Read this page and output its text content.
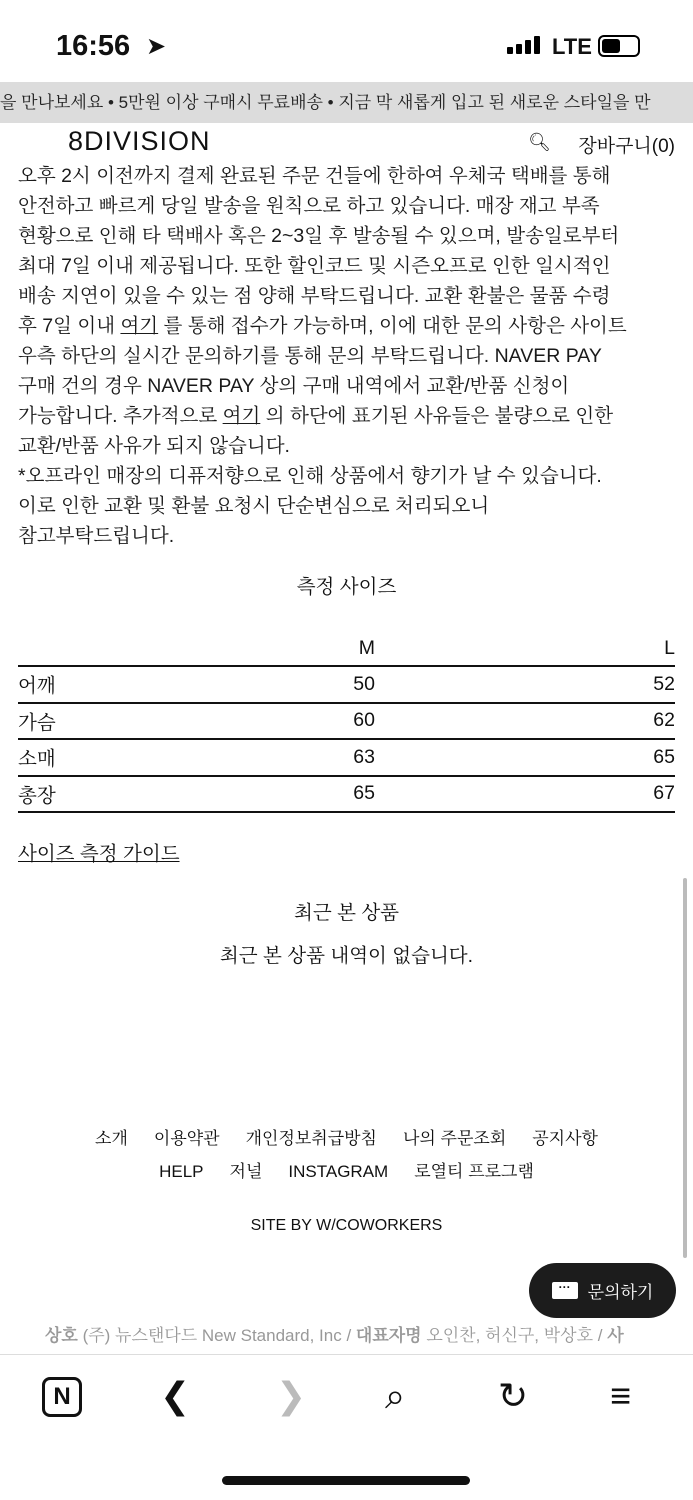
16:56 ➤	LTE
을 만나보세요 • 5만원 이상 구매시 무료배송 • 지금 막 새롭게 입고 된 새로운 스타일을 만
8DIVISION	🔍︎ 장바구니(0)
오후 2시 이전까지 결제 완료된 주문 건들에 한하여 우체국 택배를 통해
안전하고 빠르게 당일 발송을 원칙으로 하고 있습니다. 매장 재고 부족
현황으로 인해 타 택배사 혹은 2~3일 후 발송될 수 있으며, 발송일로부터
최대 7일 이내 제공됩니다. 또한 할인코드 및 시즌오프로 인한 일시적인
배송 지연이 있을 수 있는 점 양해 부탁드립니다. 교환 환불은 물품 수령
후 7일 이내 여기 를 통해 접수가 가능하며, 이에 대한 문의 사항은 사이트
우측 하단의 실시간 문의하기를 통해 문의 부탁드립니다. NAVER PAY
구매 건의 경우 NAVER PAY 상의 구매 내역에서 교환/반품 신청이
가능합니다. 추가적으로 여기 의 하단에 표기된 사유들은 불량으로 인한
교환/반품 사유가 되지 않습니다.
*오프라인 매장의 디퓨저향으로 인해 상품에서 향기가 날 수 있습니다.
이로 인한 교환 및 환불 요청시 단순변심으로 처리되오니
참고부탁드립니다.
측정 사이즈
	M	L
어깨	50	52
가슴	60	62
소매	63	65
총장	65	67
사이즈 측정 가이드
최근 본 상품
최근 본 상품 내역이 없습니다.
소개 이용약관 개인정보취급방침 나의 주문조회 공지사항
HELP 저널 INSTAGRAM 로열티 프로그램
SITE BY W/COWORKERS
···	문의하기
상호 (주) 뉴스탠다드 New Standard, Inc / 대표자명 오인찬, 허신구, 박상호 / 사
N	❮ ❯ ⌕	↻ ≡
